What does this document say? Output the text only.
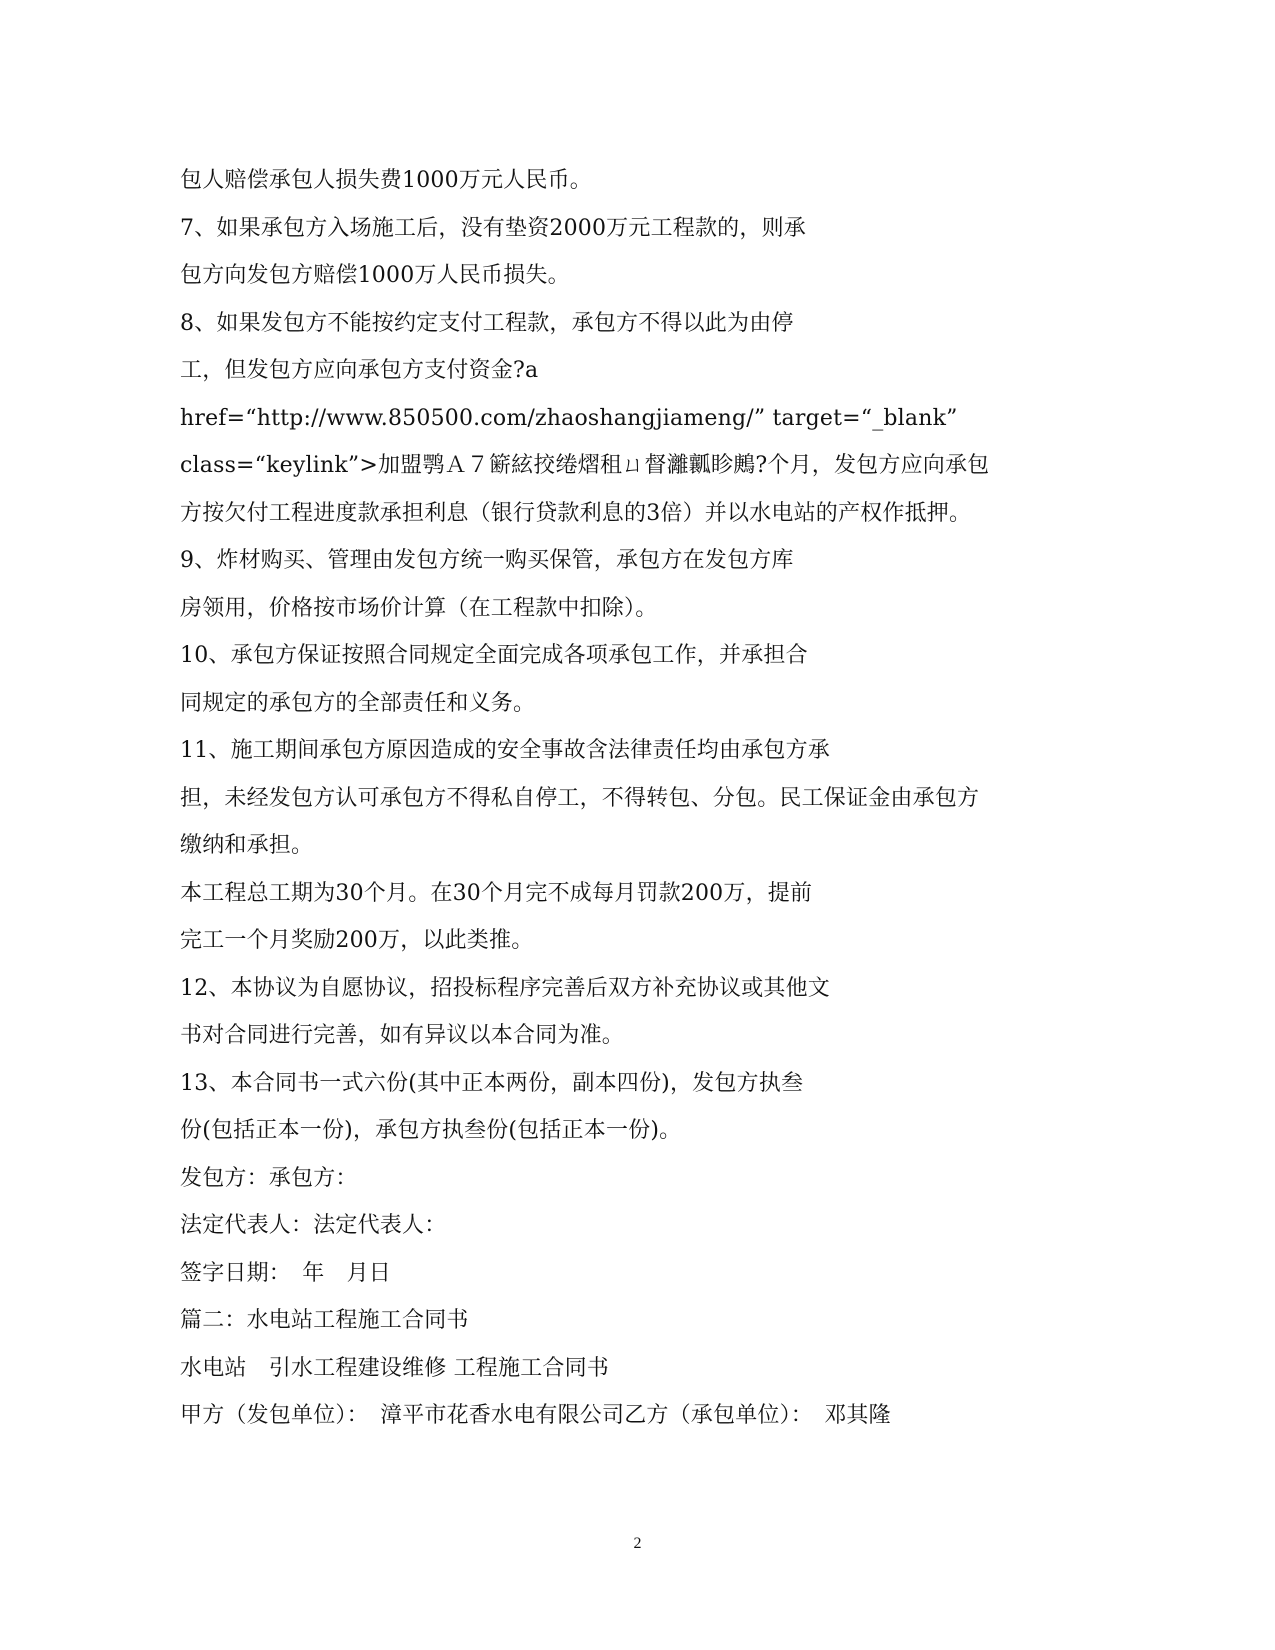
包人赔偿承包人损失费1000万元人民币。
7、如果承包方入场施工后，没有垫资2000万元工程款的，则承
包方向发包方赔偿1000万人民币损失。
8、如果发包方不能按约定支付工程款，承包方不得以此为由停
工，但发包方应向承包方支付资金?a
href=“http://www.850500.com/zhaoshangjiameng/” target=“_blank”
class=“keylink”>加盟鹗Ａ７簖絃挍绻熠租ㄩ督灕瓤眕鶊?个月，发包方应向承包
方按欠付工程进度款承担利息（银行贷款利息的3倍）并以水电站的产权作抵押。
9、炸材购买、管理由发包方统一购买保管，承包方在发包方库
房领用，价格按市场价计算（在工程款中扣除）。
10、承包方保证按照合同规定全面完成各项承包工作，并承担合
同规定的承包方的全部责任和义务。
11、施工期间承包方原因造成的安全事故含法律责任均由承包方承
担，未经发包方认可承包方不得私自停工，不得转包、分包。民工保证金由承包方
缴纳和承担。
本工程总工期为30个月。在30个月完不成每月罚款200万，提前
完工一个月奖励200万，以此类推。
12、本协议为自愿协议，招投标程序完善后双方补充协议或其他文
书对合同进行完善，如有异议以本合同为准。
13、本合同书一式六份(其中正本两份，副本四份)，发包方执叁
份(包括正本一份)，承包方执叁份(包括正本一份)。
发包方：承包方：
法定代表人：法定代表人：
签字日期：　年　月日
篇二：水电站工程施工合同书
水电站　引水工程建设维修 工程施工合同书
甲方（发包单位）：　漳平市花香水电有限公司乙方（承包单位）：　邓其隆
2
